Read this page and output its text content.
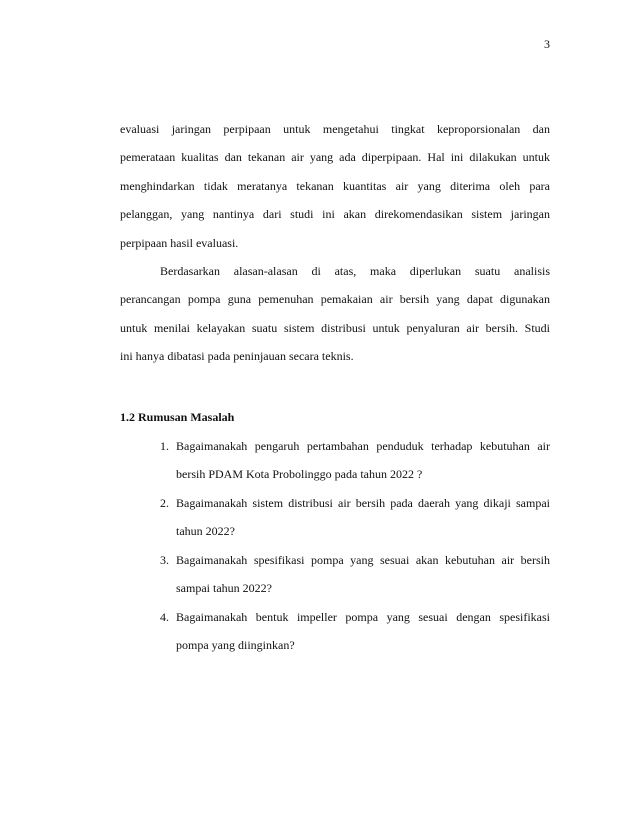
3

evaluasi jaringan perpipaan untuk mengetahui tingkat keproporsionalan dan

pemerataan kualitas dan tekanan air yang ada diperpipaan. Hal ini dilakukan untuk

menghindarkan tidak meratanya tekanan kuantitas air yang diterima oleh para

pelanggan, yang nantinya dari studi ini akan direkomendasikan sistem jaringan

perpipaan hasil evaluasi.

Berdasarkan alasan-alasan di atas, maka diperlukan suatu analisis

perancangan pompa guna pemenuhan pemakaian air bersih yang dapat digunakan

untuk menilai kelayakan suatu sistem distribusi untuk penyaluran air bersih. Studi

ini hanya dibatasi pada peninjauan secara teknis.

1.2 Rumusan Masalah
1. Bagaimanakah pengaruh pertambahan penduduk terhadap kebutuhan air
bersih PDAM Kota Probolinggo pada tahun 2022 ?
2. Bagaimanakah sistem distribusi air bersih pada daerah yang dikaji sampai
tahun 2022?
3. Bagaimanakah spesifikasi pompa yang sesuai akan kebutuhan air bersih
sampai tahun 2022?
4. Bagaimanakah bentuk impeller pompa yang sesuai dengan spesifikasi
pompa yang diinginkan?
